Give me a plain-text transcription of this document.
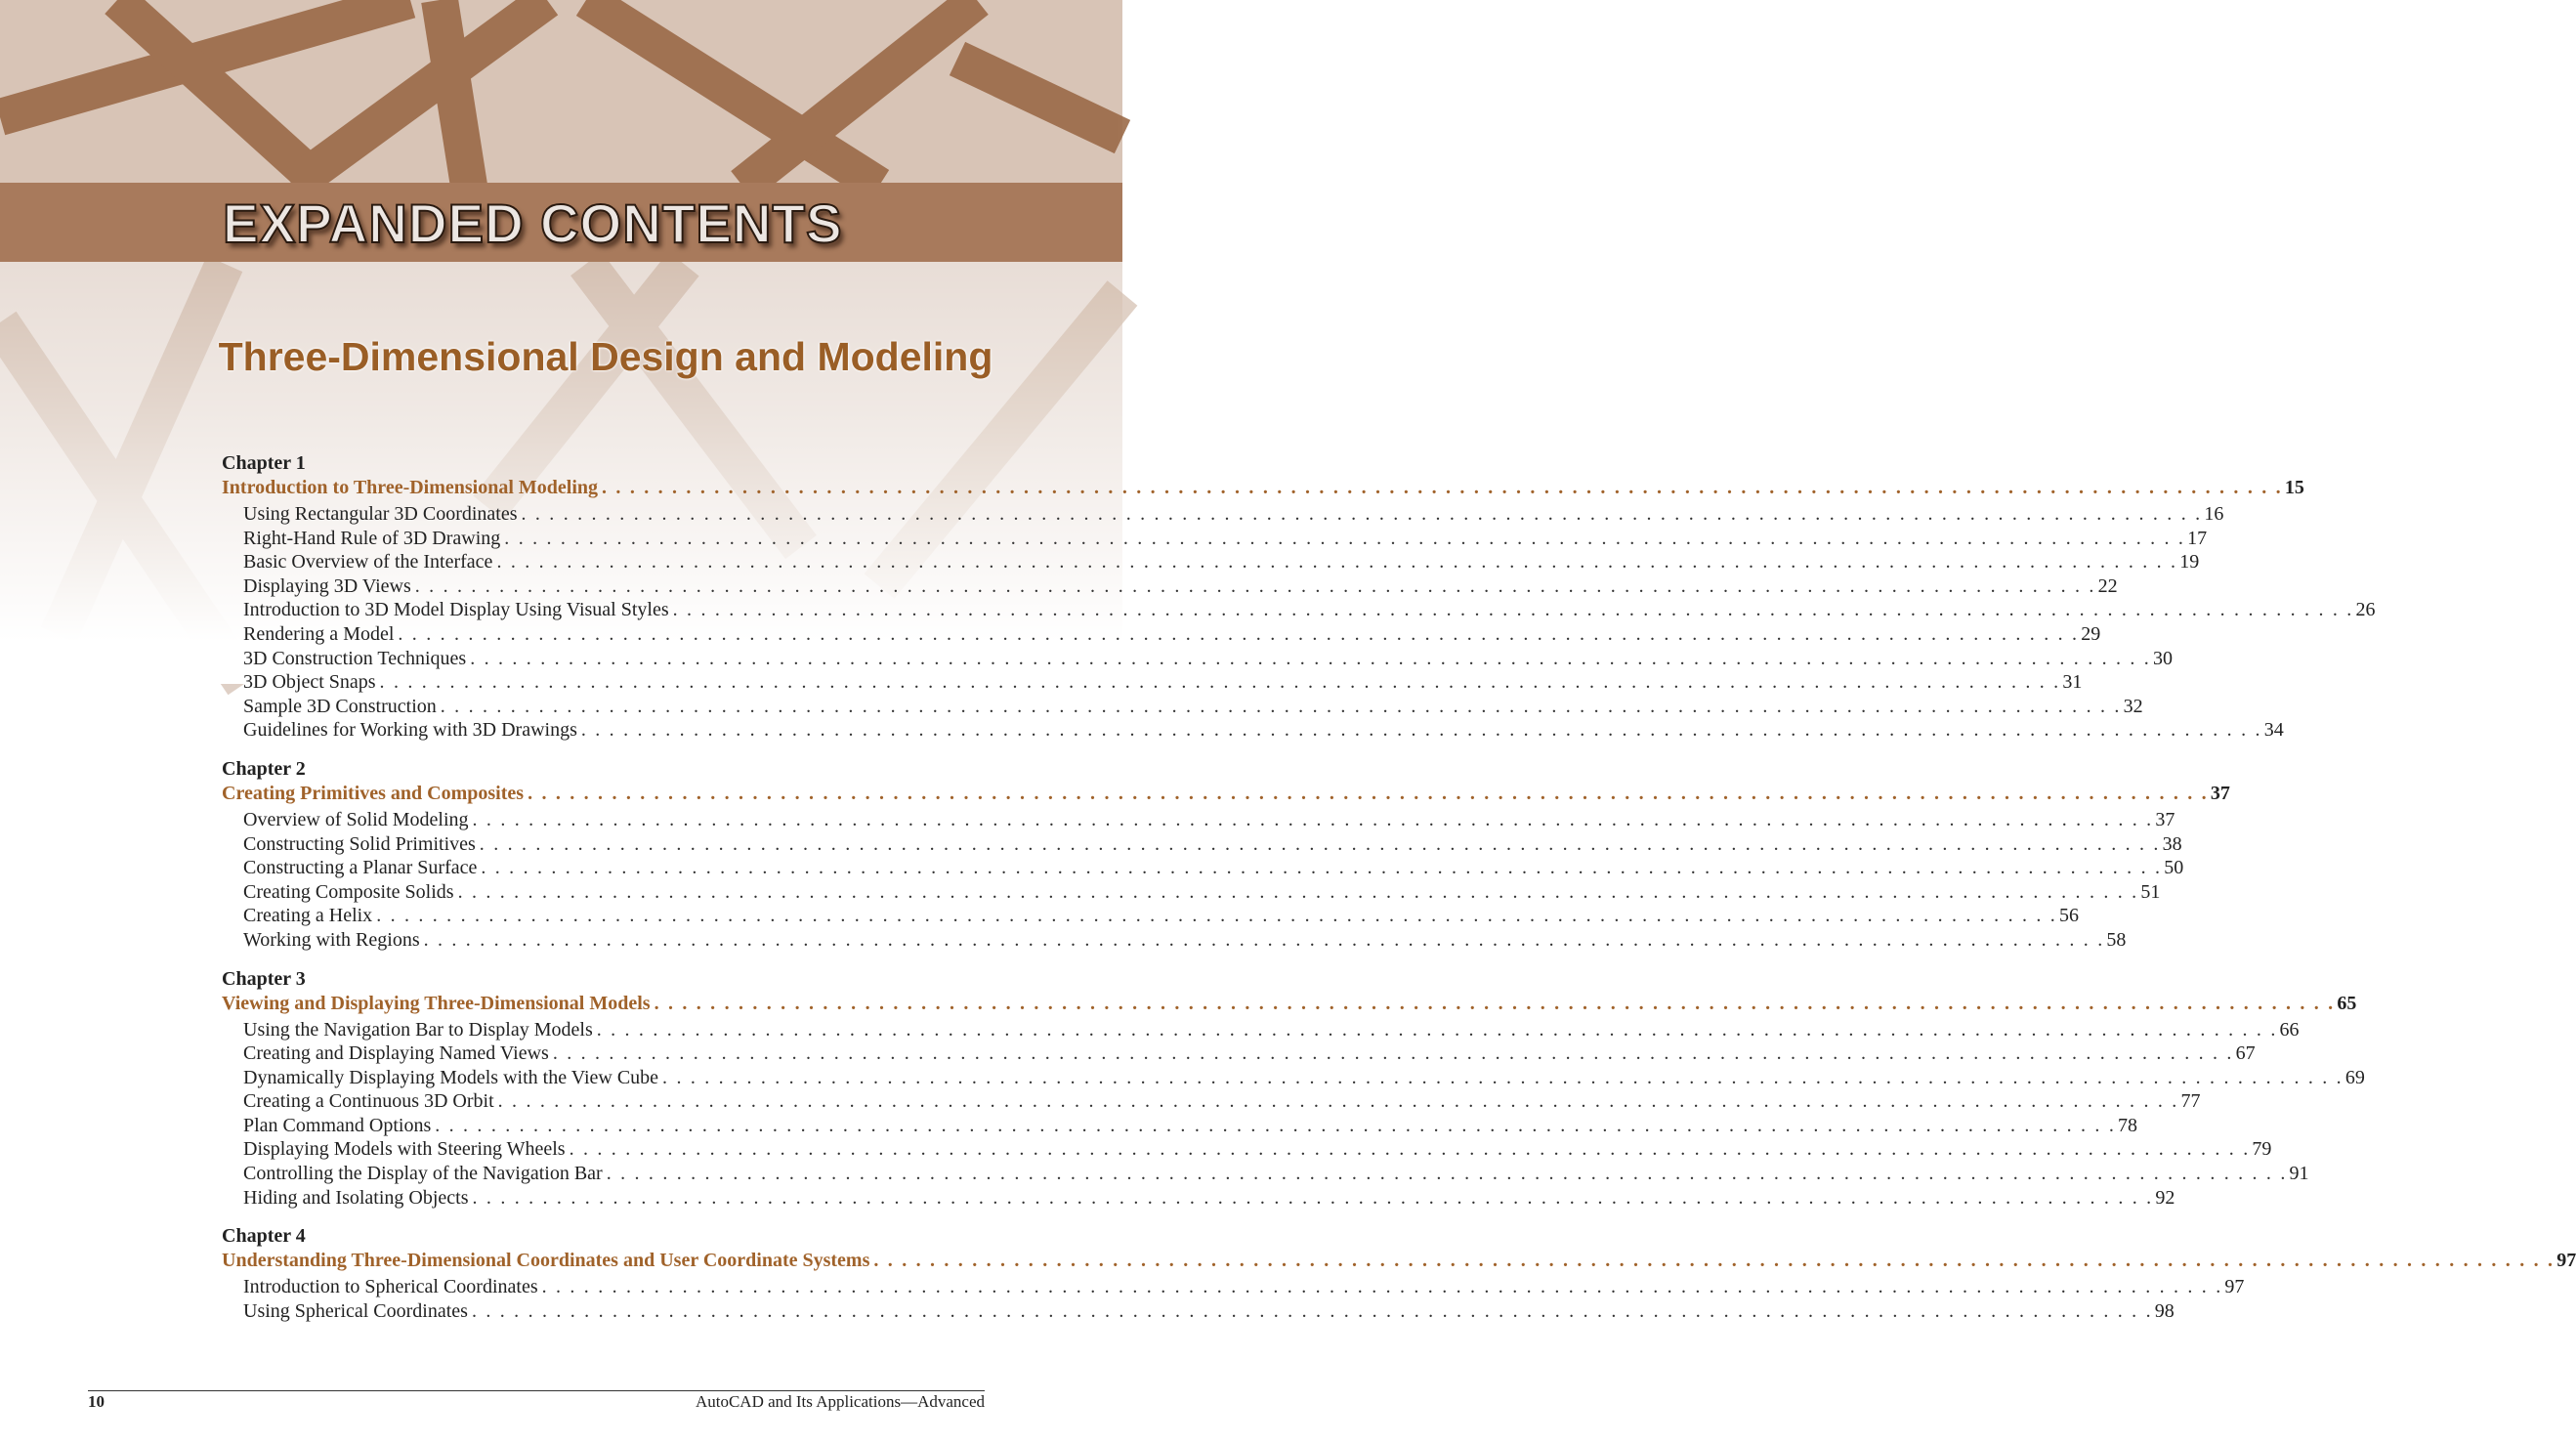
EXPANDED CONTENTS
Three-Dimensional Design and Modeling
Chapter 1
Introduction to Three-Dimensional Modeling . . . . . . . . . . . . . . . . . . . . . . . . . . . . . . . . . . . . . . . . . . . . . . . . . . . . . . . . . . . . . . . . . . . . . . . . . . . . . . . . . . . . . . . . . . . . . . . . . . . . . . . . . . . . . . . . . . . . . . . . 15
Using Rectangular 3D Coordinates . . . . . . . . . . . . . . . . . . . . . . . . . . . . . . . . . . . . . . . . . . . . . . . . . . . . . . . . . . . . . . . . . . . . . . . . . . . . . . . . . . . . . . . . . . . . . . . . . . . . . . . . . . . . . . . . . . . . . . . . 16
Right-Hand Rule of 3D Drawing . . . . . . . . . . . . . . . . . . . . . . . . . . . . . . . . . . . . . . . . . . . . . . . . . . . . . . . . . . . . . . . . . . . . . . . . . . . . . . . . . . . . . . . . . . . . . . . . . . . . . . . . . . . . . . . . . . . . . . . . 17
Basic Overview of the Interface . . . . . . . . . . . . . . . . . . . . . . . . . . . . . . . . . . . . . . . . . . . . . . . . . . . . . . . . . . . . . . . . . . . . . . . . . . . . . . . . . . . . . . . . . . . . . . . . . . . . . . . . . . . . . . . . . . . . . . . . 19
Displaying 3D Views . . . . . . . . . . . . . . . . . . . . . . . . . . . . . . . . . . . . . . . . . . . . . . . . . . . . . . . . . . . . . . . . . . . . . . . . . . . . . . . . . . . . . . . . . . . . . . . . . . . . . . . . . . . . . . . . . . . . . . . . 22
Introduction to 3D Model Display Using Visual Styles . . . . . . . . . . . . . . . . . . . . . . . . . . . . . . . . . . . . . . . . . . . . . . . . . . . . . . . . . . . . . . . . . . . . . . . . . . . . . . . . . . . . . . . . . . . . . . . . . . . . . . . . . . . . . . . . . . . . . . . . 26
Rendering a Model . . . . . . . . . . . . . . . . . . . . . . . . . . . . . . . . . . . . . . . . . . . . . . . . . . . . . . . . . . . . . . . . . . . . . . . . . . . . . . . . . . . . . . . . . . . . . . . . . . . . . . . . . . . . . . . . . . . . . . . . 29
3D Construction Techniques . . . . . . . . . . . . . . . . . . . . . . . . . . . . . . . . . . . . . . . . . . . . . . . . . . . . . . . . . . . . . . . . . . . . . . . . . . . . . . . . . . . . . . . . . . . . . . . . . . . . . . . . . . . . . . . . . . . . . . . . 30
3D Object Snaps . . . . . . . . . . . . . . . . . . . . . . . . . . . . . . . . . . . . . . . . . . . . . . . . . . . . . . . . . . . . . . . . . . . . . . . . . . . . . . . . . . . . . . . . . . . . . . . . . . . . . . . . . . . . . . . . . . . . . . . . 31
Sample 3D Construction . . . . . . . . . . . . . . . . . . . . . . . . . . . . . . . . . . . . . . . . . . . . . . . . . . . . . . . . . . . . . . . . . . . . . . . . . . . . . . . . . . . . . . . . . . . . . . . . . . . . . . . . . . . . . . . . . . . . . . . . 32
Guidelines for Working with 3D Drawings . . . . . . . . . . . . . . . . . . . . . . . . . . . . . . . . . . . . . . . . . . . . . . . . . . . . . . . . . . . . . . . . . . . . . . . . . . . . . . . . . . . . . . . . . . . . . . . . . . . . . . . . . . . . . . . . . . . . . . . . 34
Chapter 2
Creating Primitives and Composites . . . . . . . . . . . . . . . . . . . . . . . . . . . . . . . . . . . . . . . . . . . . . . . . . . . . . . . . . . . . . . . . . . . . . . . . . . . . . . . . . . . . . . . . . . . . . . . . . . . . . . . . . . . . . . . . . . . . . . . . 37
Overview of Solid Modeling . . . . . . . . . . . . . . . . . . . . . . . . . . . . . . . . . . . . . . . . . . . . . . . . . . . . . . . . . . . . . . . . . . . . . . . . . . . . . . . . . . . . . . . . . . . . . . . . . . . . . . . . . . . . . . . . . . . . . . . . 37
Constructing Solid Primitives . . . . . . . . . . . . . . . . . . . . . . . . . . . . . . . . . . . . . . . . . . . . . . . . . . . . . . . . . . . . . . . . . . . . . . . . . . . . . . . . . . . . . . . . . . . . . . . . . . . . . . . . . . . . . . . . . . . . . . . . 38
Constructing a Planar Surface . . . . . . . . . . . . . . . . . . . . . . . . . . . . . . . . . . . . . . . . . . . . . . . . . . . . . . . . . . . . . . . . . . . . . . . . . . . . . . . . . . . . . . . . . . . . . . . . . . . . . . . . . . . . . . . . . . . . . . . . 50
Creating Composite Solids . . . . . . . . . . . . . . . . . . . . . . . . . . . . . . . . . . . . . . . . . . . . . . . . . . . . . . . . . . . . . . . . . . . . . . . . . . . . . . . . . . . . . . . . . . . . . . . . . . . . . . . . . . . . . . . . . . . . . . . . 51
Creating a Helix . . . . . . . . . . . . . . . . . . . . . . . . . . . . . . . . . . . . . . . . . . . . . . . . . . . . . . . . . . . . . . . . . . . . . . . . . . . . . . . . . . . . . . . . . . . . . . . . . . . . . . . . . . . . . . . . . . . . . . . . 56
Working with Regions . . . . . . . . . . . . . . . . . . . . . . . . . . . . . . . . . . . . . . . . . . . . . . . . . . . . . . . . . . . . . . . . . . . . . . . . . . . . . . . . . . . . . . . . . . . . . . . . . . . . . . . . . . . . . . . . . . . . . . . . 58
Chapter 3
Viewing and Displaying Three-Dimensional Models . . . . . . . . . . . . . . . . . . . . . . . . . . . . . . . . . . . . . . . . . . . . . . . . . . . . . . . . . . . . . . . . . . . . . . . . . . . . . . . . . . . . . . . . . . . . . . . . . . . . . . . . . . . . . . . . . . . . . . . . 65
Using the Navigation Bar to Display Models . . . . . . . . . . . . . . . . . . . . . . . . . . . . . . . . . . . . . . . . . . . . . . . . . . . . . . . . . . . . . . . . . . . . . . . . . . . . . . . . . . . . . . . . . . . . . . . . . . . . . . . . . . . . . . . . . . . . . . . . 66
Creating and Displaying Named Views . . . . . . . . . . . . . . . . . . . . . . . . . . . . . . . . . . . . . . . . . . . . . . . . . . . . . . . . . . . . . . . . . . . . . . . . . . . . . . . . . . . . . . . . . . . . . . . . . . . . . . . . . . . . . . . . . . . . . . . . 67
Dynamically Displaying Models with the View Cube . . . . . . . . . . . . . . . . . . . . . . . . . . . . . . . . . . . . . . . . . . . . . . . . . . . . . . . . . . . . . . . . . . . . . . . . . . . . . . . . . . . . . . . . . . . . . . . . . . . . . . . . . . . . . . . . . . . . . . . . 69
Creating a Continuous 3D Orbit . . . . . . . . . . . . . . . . . . . . . . . . . . . . . . . . . . . . . . . . . . . . . . . . . . . . . . . . . . . . . . . . . . . . . . . . . . . . . . . . . . . . . . . . . . . . . . . . . . . . . . . . . . . . . . . . . . . . . . . . 77
Plan Command Options . . . . . . . . . . . . . . . . . . . . . . . . . . . . . . . . . . . . . . . . . . . . . . . . . . . . . . . . . . . . . . . . . . . . . . . . . . . . . . . . . . . . . . . . . . . . . . . . . . . . . . . . . . . . . . . . . . . . . . . . 78
Displaying Models with Steering Wheels . . . . . . . . . . . . . . . . . . . . . . . . . . . . . . . . . . . . . . . . . . . . . . . . . . . . . . . . . . . . . . . . . . . . . . . . . . . . . . . . . . . . . . . . . . . . . . . . . . . . . . . . . . . . . . . . . . . . . . . . 79
Controlling the Display of the Navigation Bar . . . . . . . . . . . . . . . . . . . . . . . . . . . . . . . . . . . . . . . . . . . . . . . . . . . . . . . . . . . . . . . . . . . . . . . . . . . . . . . . . . . . . . . . . . . . . . . . . . . . . . . . . . . . . . . . . . . . . . . . 91
Hiding and Isolating Objects . . . . . . . . . . . . . . . . . . . . . . . . . . . . . . . . . . . . . . . . . . . . . . . . . . . . . . . . . . . . . . . . . . . . . . . . . . . . . . . . . . . . . . . . . . . . . . . . . . . . . . . . . . . . . . . . . . . . . . . . 92
Chapter 4
Understanding Three-Dimensional Coordinates and User Coordinate Systems . . . . . . . . . . . . . . . . . . . . . . . . . . . . . . . . . . . . . . . . . . . . . . . . . . . . . . . . . . . . . . . . . . . . . . . . . . . . . . . . . . . . . . . . . . . . . . . . . . . . . . . . . . . . . . . . . . . . . . . . 97
Introduction to Spherical Coordinates . . . . . . . . . . . . . . . . . . . . . . . . . . . . . . . . . . . . . . . . . . . . . . . . . . . . . . . . . . . . . . . . . . . . . . . . . . . . . . . . . . . . . . . . . . . . . . . . . . . . . . . . . . . . . . . . . . . . . . . . 97
Using Spherical Coordinates . . . . . . . . . . . . . . . . . . . . . . . . . . . . . . . . . . . . . . . . . . . . . . . . . . . . . . . . . . . . . . . . . . . . . . . . . . . . . . . . . . . . . . . . . . . . . . . . . . . . . . . . . . . . . . . . . . . . . . . . 98
10	AutoCAD and Its Applications—Advanced
